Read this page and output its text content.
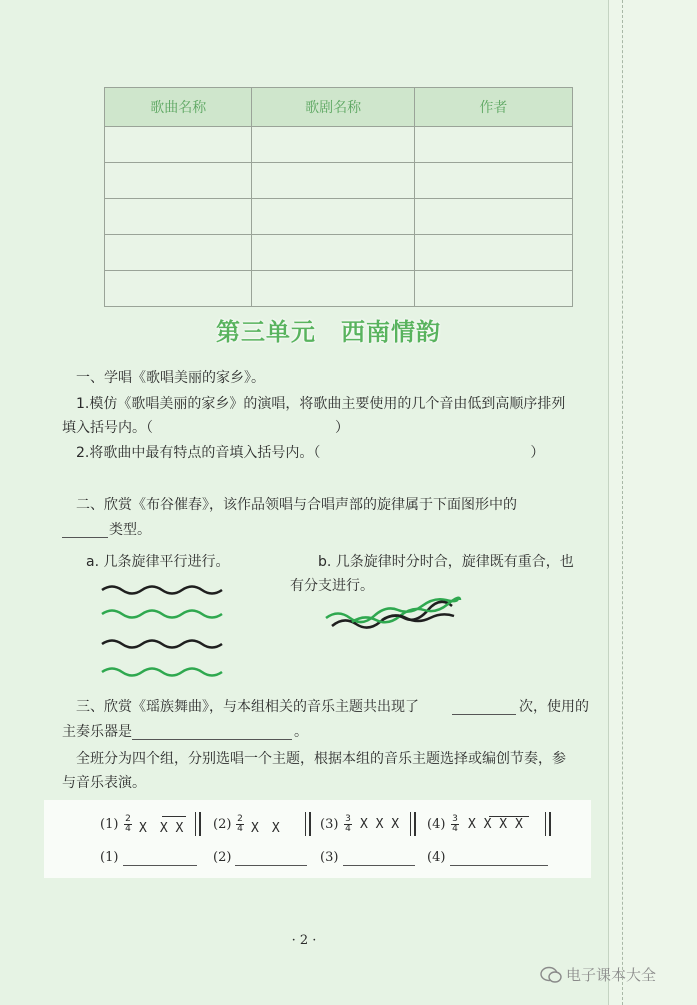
歌曲名称	歌剧名称	作者

第三单元　西南情韵
一、学唱《歌唱美丽的家乡》。
1.模仿《歌唱美丽的家乡》的演唱，将歌曲主要使用的几个音由低到高顺序排列
填入括号内。（　　　　　　　　　　　　　）
2.将歌曲中最有特点的音填入括号内。（　　　　　　　　　　　　　　　）
二、欣赏《布谷催春》，该作品领唱与合唱声部的旋律属于下面图形中的
类型。
a. 几条旋律平行进行。	b. 几条旋律时分时合，旋律既有重合，也
有分支进行。
三、欣赏《瑶族舞曲》，与本组相关的音乐主题共出现了	次，使用的
主奏乐器是	。
全班分为四个组，分别选唱一个主题，根据本组的音乐主题选择或编创节奏，参
与音乐表演。
$(1) \frac{2}{4}$ X　X X $(2) \frac{2}{4}$ X　X	$(3) \frac{3}{4}$ X X X $(4) \frac{3}{4}$ X X X X
(1)	(2)	(3)	(4)
· 2 ·
电子课本大全
